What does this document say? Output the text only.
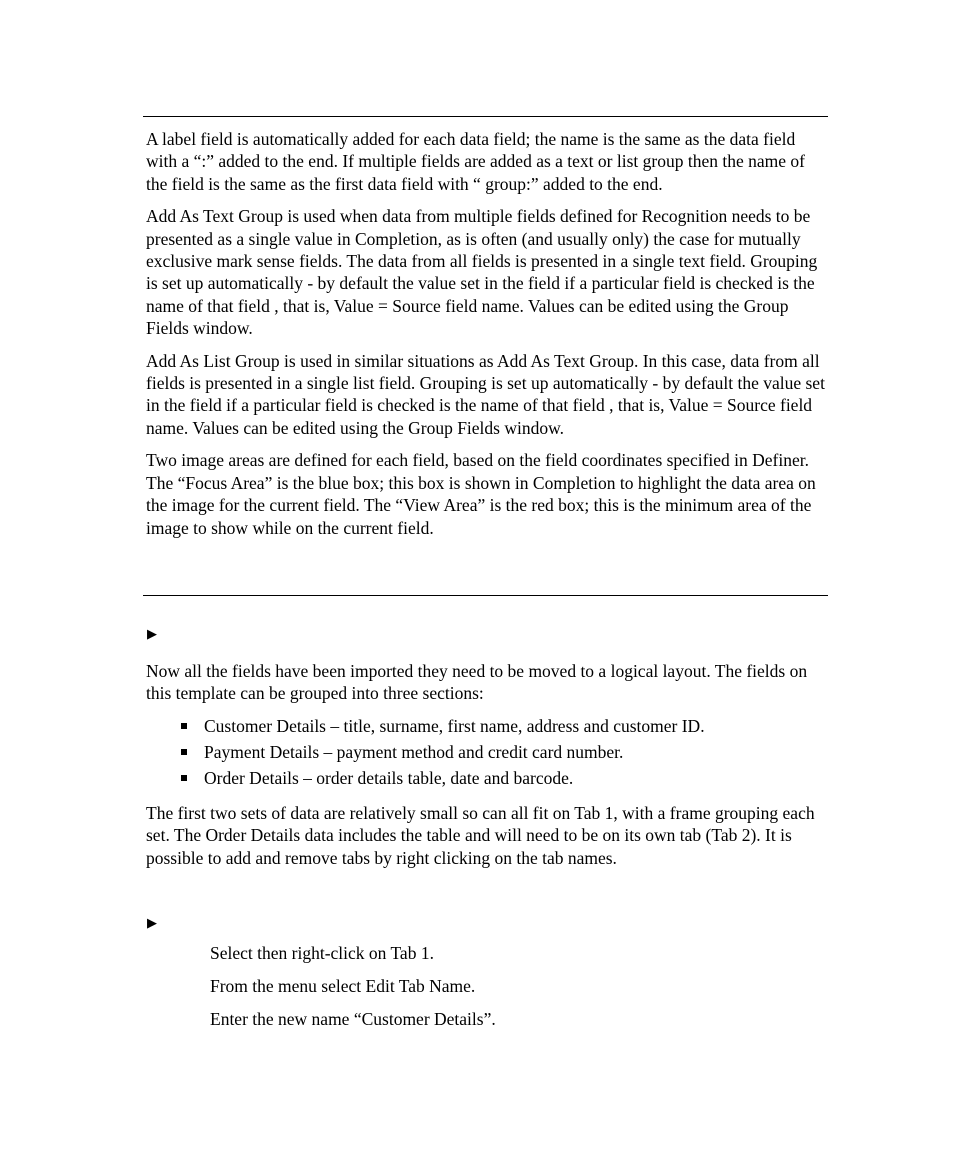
A label field is automatically added for each data field; the name is the same as the data field with a “:” added to the end. If multiple fields are added as a text or list group then the name of the field is the same as the first data field with “ group:” added to the end.

Add As Text Group is used when data from multiple fields defined for Recognition needs to be presented as a single value in Completion, as is often (and usually only) the case for mutually exclusive mark sense fields. The data from all fields is presented in a single text field. Grouping is set up automatically - by default the value set in the field if a particular field is checked is the name of that field , that is, Value = Source field name. Values can be edited using the Group Fields window.

Add As List Group is used in similar situations as Add As Text Group. In this case, data from all fields is presented in a single list field. Grouping is set up automatically - by default the value set in the field if a particular field is checked is the name of that field , that is, Value = Source field name. Values can be edited using the Group Fields window.

Two image areas are defined for each field, based on the field coordinates specified in Definer. The “Focus Area” is the blue box; this box is shown in Completion to highlight the data area on the image for the current field. The “View Area” is the red box; this is the minimum area of the image to show while on the current field.

▶

Now all the fields have been imported they need to be moved to a logical layout. The fields on this template can be grouped into three sections:

Customer Details – title, surname, first name, address and customer ID.
Payment Details – payment method and credit card number.
Order Details – order details table, date and barcode.

The first two sets of data are relatively small so can all fit on Tab 1, with a frame grouping each set. The Order Details data includes the table and will need to be on its own tab (Tab 2). It is possible to add and remove tabs by right clicking on the tab names.

▶

Select then right-click on Tab 1.

From the menu select Edit Tab Name.

Enter the new name “Customer Details”.
